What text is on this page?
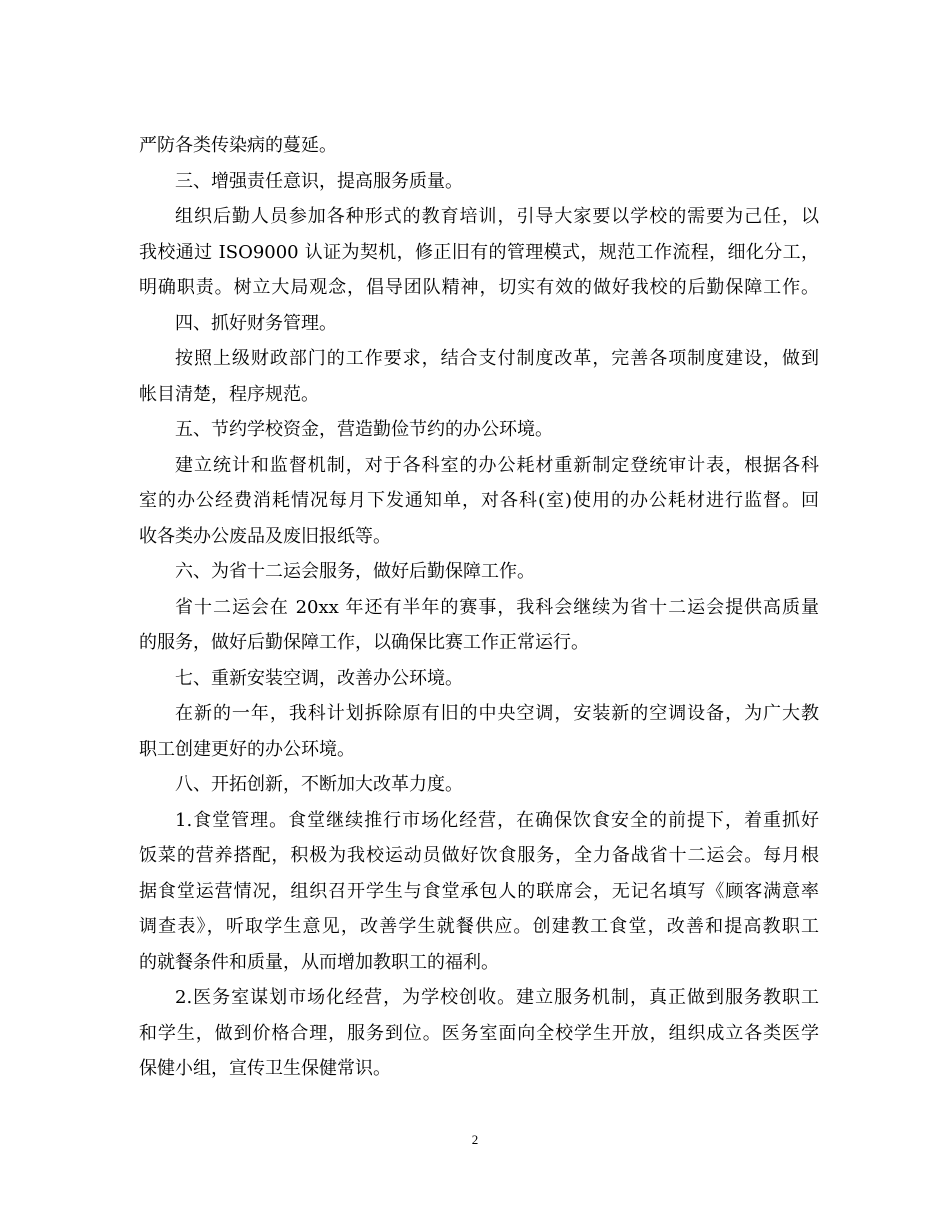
严防各类传染病的蔓延。
三、增强责任意识，提高服务质量。
组织后勤人员参加各种形式的教育培训，引导大家要以学校的需要为己任，以
我校通过 ISO9000 认证为契机，修正旧有的管理模式，规范工作流程，细化分工，
明确职责。树立大局观念，倡导团队精神，切实有效的做好我校的后勤保障工作。
四、抓好财务管理。
按照上级财政部门的工作要求，结合支付制度改革，完善各项制度建设，做到
帐目清楚，程序规范。
五、节约学校资金，营造勤俭节约的办公环境。
建立统计和监督机制，对于各科室的办公耗材重新制定登统审计表，根据各科
室的办公经费消耗情况每月下发通知单，对各科(室)使用的办公耗材进行监督。回
收各类办公废品及废旧报纸等。
六、为省十二运会服务，做好后勤保障工作。
省十二运会在 20xx 年还有半年的赛事，我科会继续为省十二运会提供高质量
的服务，做好后勤保障工作，以确保比赛工作正常运行。
七、重新安装空调，改善办公环境。
在新的一年，我科计划拆除原有旧的中央空调，安装新的空调设备，为广大教
职工创建更好的办公环境。
八、开拓创新，不断加大改革力度。
1.食堂管理。食堂继续推行市场化经营，在确保饮食安全的前提下，着重抓好
饭菜的营养搭配，积极为我校运动员做好饮食服务，全力备战省十二运会。每月根
据食堂运营情况，组织召开学生与食堂承包人的联席会，无记名填写《顾客满意率
调查表》，听取学生意见，改善学生就餐供应。创建教工食堂，改善和提高教职工
的就餐条件和质量，从而增加教职工的福利。
2.医务室谋划市场化经营，为学校创收。建立服务机制，真正做到服务教职工
和学生，做到价格合理，服务到位。医务室面向全校学生开放，组织成立各类医学
保健小组，宣传卫生保健常识。
2
